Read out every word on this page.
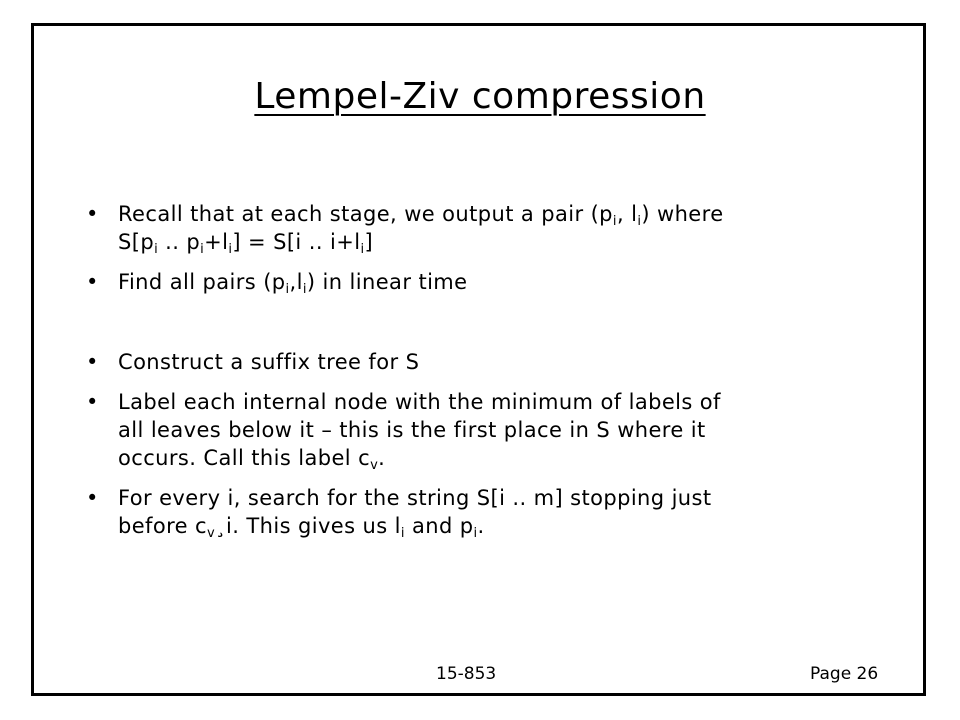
Lempel-Ziv compression
• Recall that at each stage, we output a pair ($p_i$, $l_i$) where
$S[p_i$ .. $p_i+l_i] = S[i$ .. $i+l_i$]
• Find all pairs $(p_i,l_i)$ in linear time
• Construct a suffix tree for S
• Label each internal node with the minimum of labels of
all leaves below it – this is the first place in S where it
occurs. Call this label $c_v$.
• For every i, search for the string S[i .. m] stopping just
before $c_v¸i$. This gives us $l_i$ and $p_i$.
15-853	Page 26
